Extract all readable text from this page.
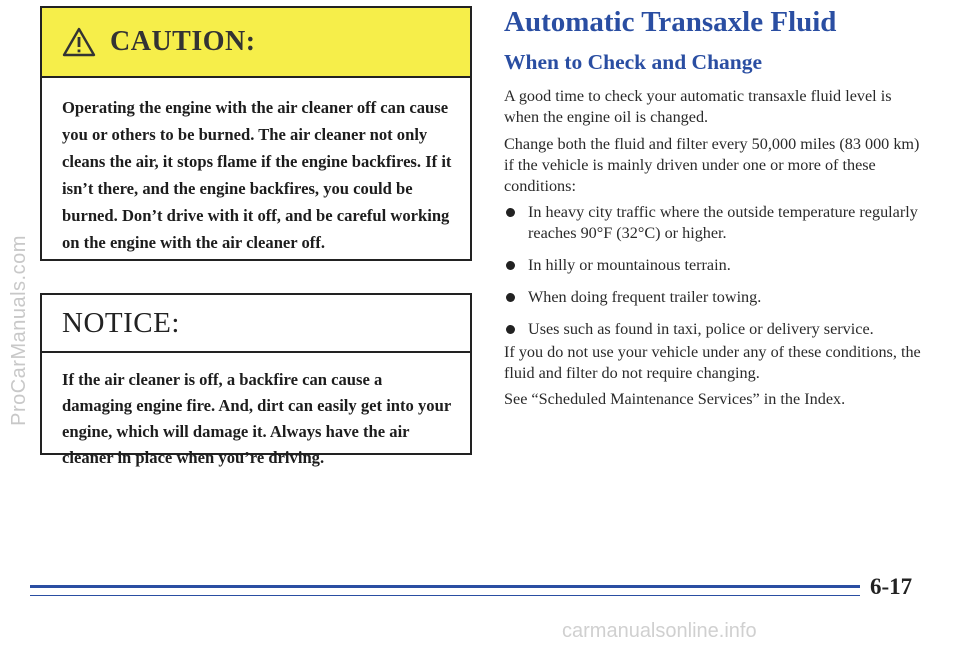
ProCarManuals.com
CAUTION:
Operating the engine with the air cleaner off can cause you or others to be burned. The air cleaner not only cleans the air, it stops flame if the engine backfires. If it isn’t there, and the engine backfires, you could be burned. Don’t drive with it off, and be careful working on the engine with the air cleaner off.
NOTICE:
If the air cleaner is off, a backfire can cause a damaging engine fire. And, dirt can easily get into your engine, which will damage it. Always have the air cleaner in place when you’re driving.
Automatic Transaxle Fluid
When to Check and Change

A good time to check your automatic transaxle fluid level is when the engine oil is changed.

Change both the fluid and filter every 50,000 miles (83 000 km) if the vehicle is mainly driven under one or more of these conditions:

In heavy city traffic where the outside temperature regularly reaches 90°F (32°C) or higher.
In hilly or mountainous terrain.
When doing frequent trailer towing.
Uses such as found in taxi, police or delivery service.

If you do not use your vehicle under any of these conditions, the fluid and filter do not require changing.

See “Scheduled Maintenance Services” in the Index.

6-17
carmanualsonline.info
